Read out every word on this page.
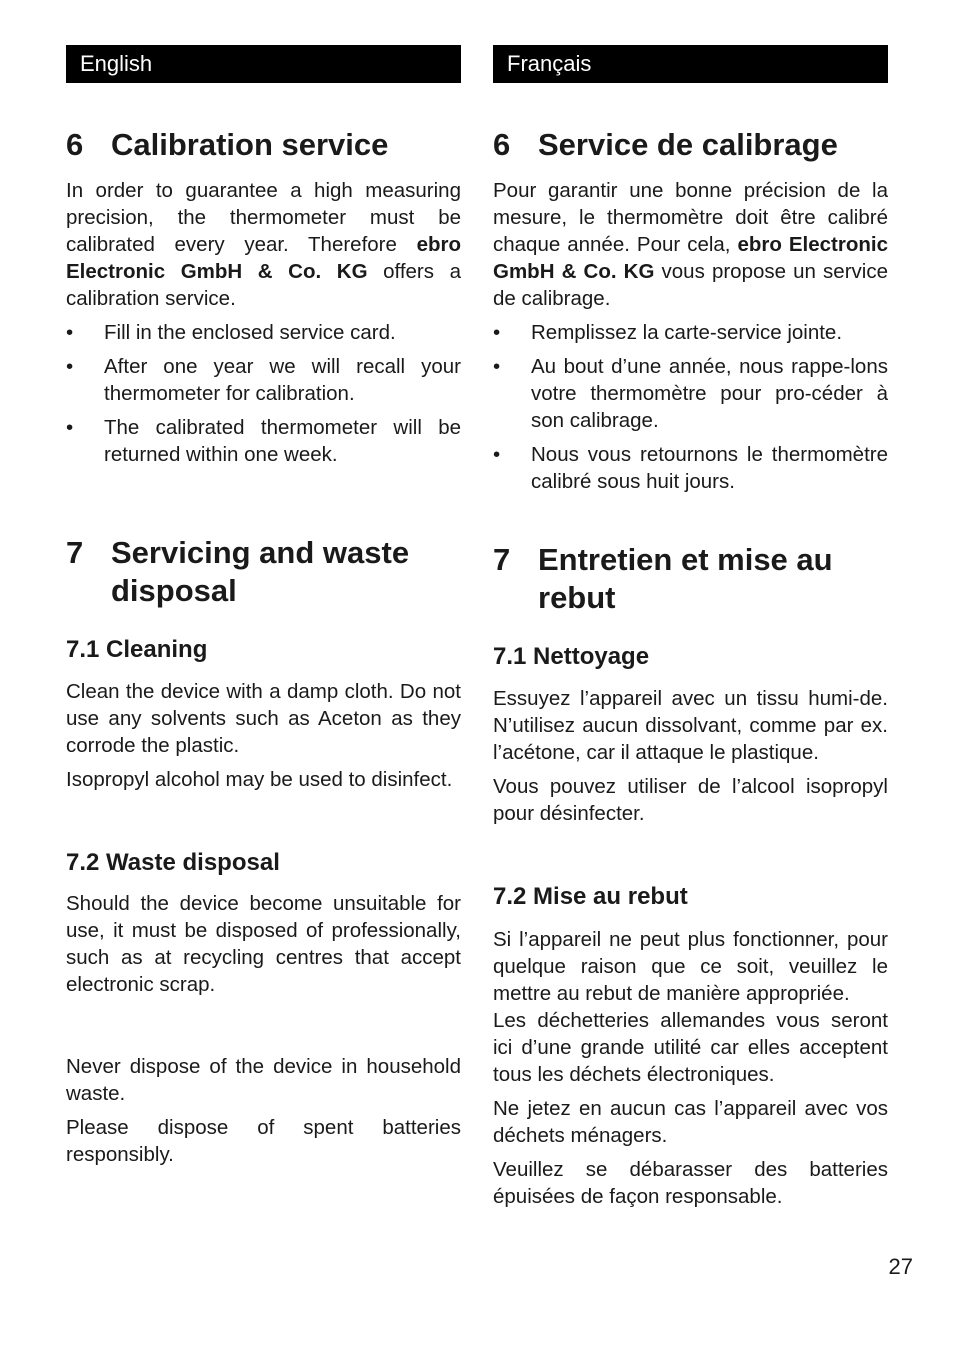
English
6 Calibration service

In order to guarantee a high measuring precision, the thermometer must be calibrated every year. Therefore ebro Electronic GmbH & Co. KG offers a calibration service.

•	Fill in the enclosed service card.
•	After one year we will recall your thermometer for calibration.
•	The calibrated thermometer will be returned within one week.
7 Servicing and waste disposal
7.1 Cleaning

Clean the device with a damp cloth. Do not use any solvents such as Aceton as they corrode the plastic.

Isopropyl alcohol may be used to disinfect.

7.2 Waste disposal

Should the device become unsuitable for use, it must be disposed of professionally, such as at recycling centres that accept electronic scrap.

Never dispose of the device in household waste.

Please dispose of spent batteries responsibly.

Français
6 Service de calibrage

Pour garantir une bonne précision de la mesure, le thermomètre doit être calibré chaque année. Pour cela, ebro Electronic GmbH & Co. KG vous propose un service de calibrage.

•	Remplissez la carte-service jointe.
•	Au bout d’une année, nous rappe-lons votre thermomètre pour pro-céder à son calibrage.
•	Nous vous retournons le thermomètre calibré sous huit jours.
7 Entretien et mise au rebut
7.1 Nettoyage

Essuyez l’appareil avec un tissu humi-de. N’utilisez aucun dissolvant, comme par ex. l’acétone, car il attaque le plastique.

Vous pouvez utiliser de l’alcool isopropyl pour désinfecter.

7.2 Mise au rebut

Si l’appareil ne peut plus fonctionner, pour quelque raison que ce soit, veuillez le mettre au rebut de manière appropriée.

Les déchetteries allemandes vous seront ici d’une grande utilité car elles acceptent tous les déchets électroniques.

Ne jetez en aucun cas l’appareil avec vos déchets ménagers.

Veuillez se débarasser des batteries épuisées de façon responsable.

27
